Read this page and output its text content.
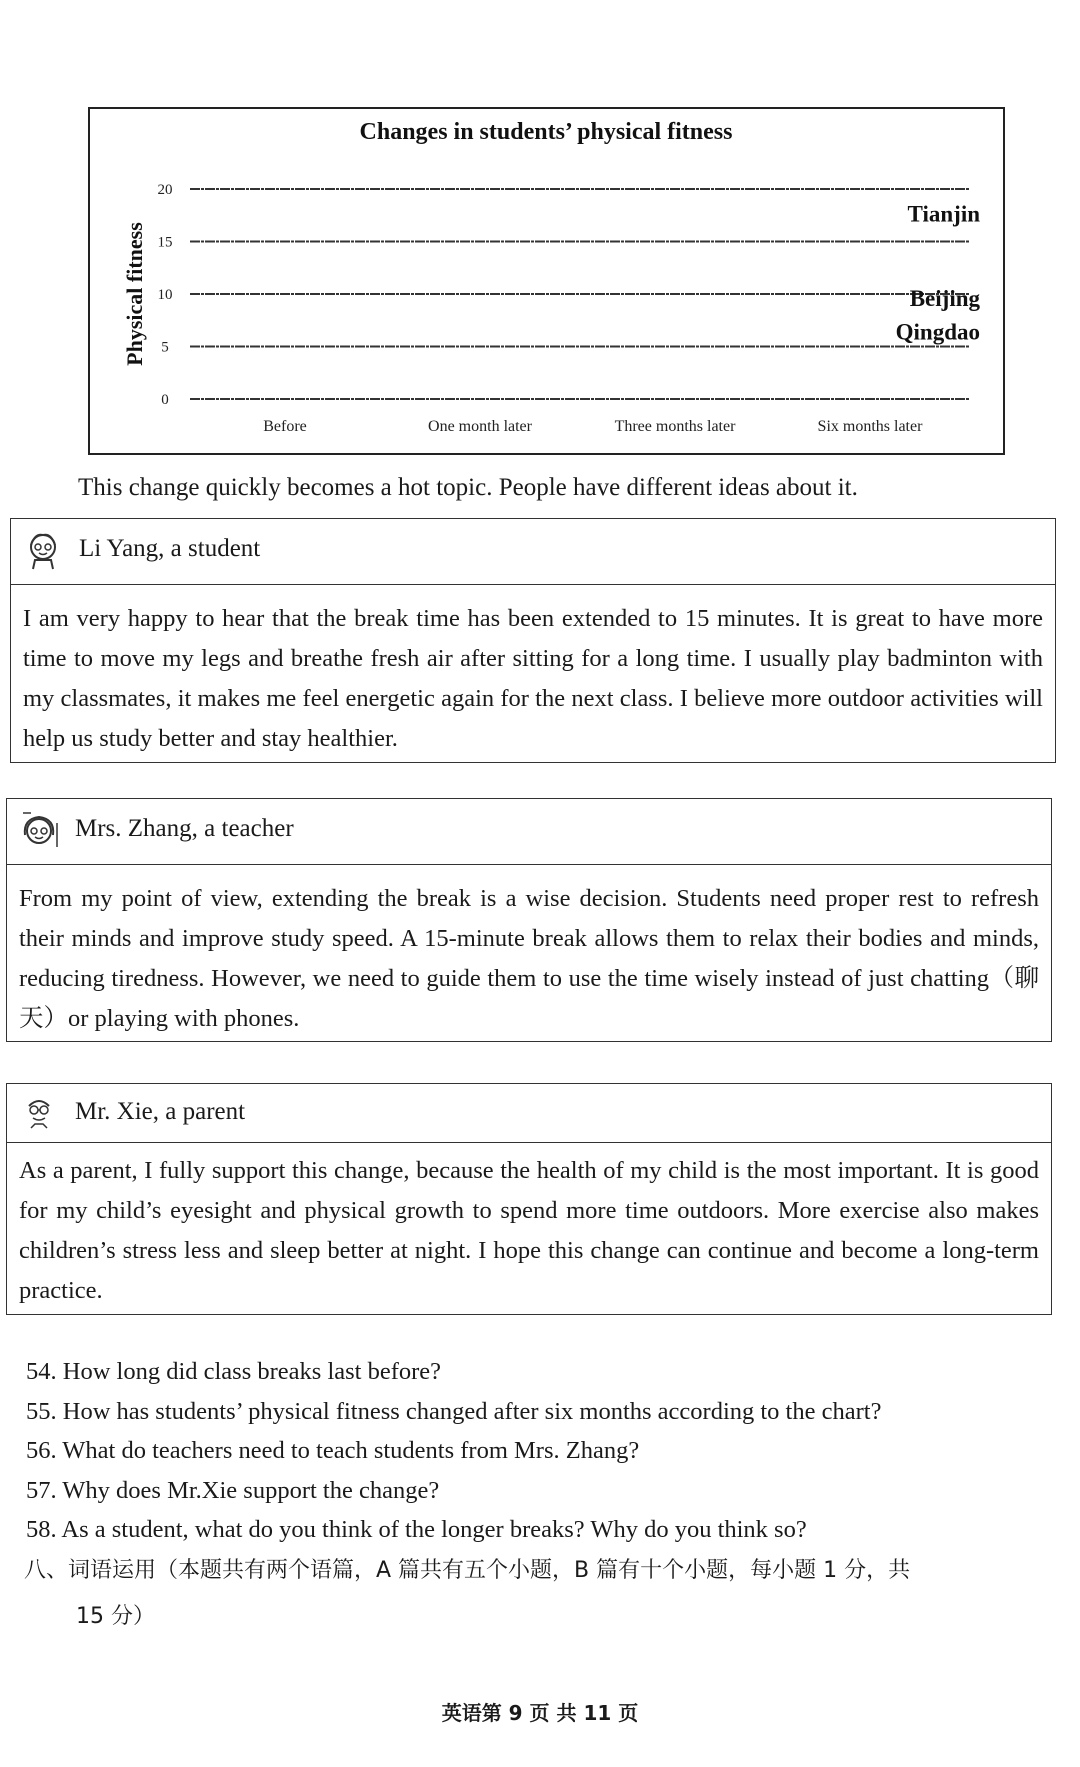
Changes in students’ physical fitness
Physical fitness
0
5
10
15
20
Before	One month later	Three months later	Six months later
Tianjin
Beijing
Qingdao
This change quickly becomes a hot topic. People have different ideas about it.
Li Yang, a student
I am very happy to hear that the break time has been extended to 15 minutes. It is great to have more time to move my legs and breathe fresh air after sitting for a long time. I usually play badminton with my classmates, it makes me feel energetic again for the next class. I believe more outdoor activities will help us study better and stay healthier.
Mrs. Zhang, a teacher
From my point of view, extending the break is a wise decision. Students need proper rest to refresh their minds and improve study speed. A 15-minute break allows them to relax their bodies and minds, reducing tiredness. However, we need to guide them to use the time wisely instead of just chatting（聊天）or playing with phones.
Mr. Xie, a parent
As a parent, I fully support this change, because the health of my child is the most important. It is good for my child’s eyesight and physical growth to spend more time outdoors. More exercise also makes children’s stress less and sleep better at night. I hope this change can continue and become a long-term practice.
54. How long did class breaks last before?
55. How has students’ physical fitness changed after six months according to the chart?
56. What do teachers need to teach students from Mrs. Zhang?
57. Why does Mr.Xie support the change?
58. As a student, what do you think of the longer breaks? Why do you think so?
八、词语运用（本题共有两个语篇，A 篇共有五个小题，B 篇有十个小题，每小题 1 分，共
15 分）
英语第 9 页 共 11 页
